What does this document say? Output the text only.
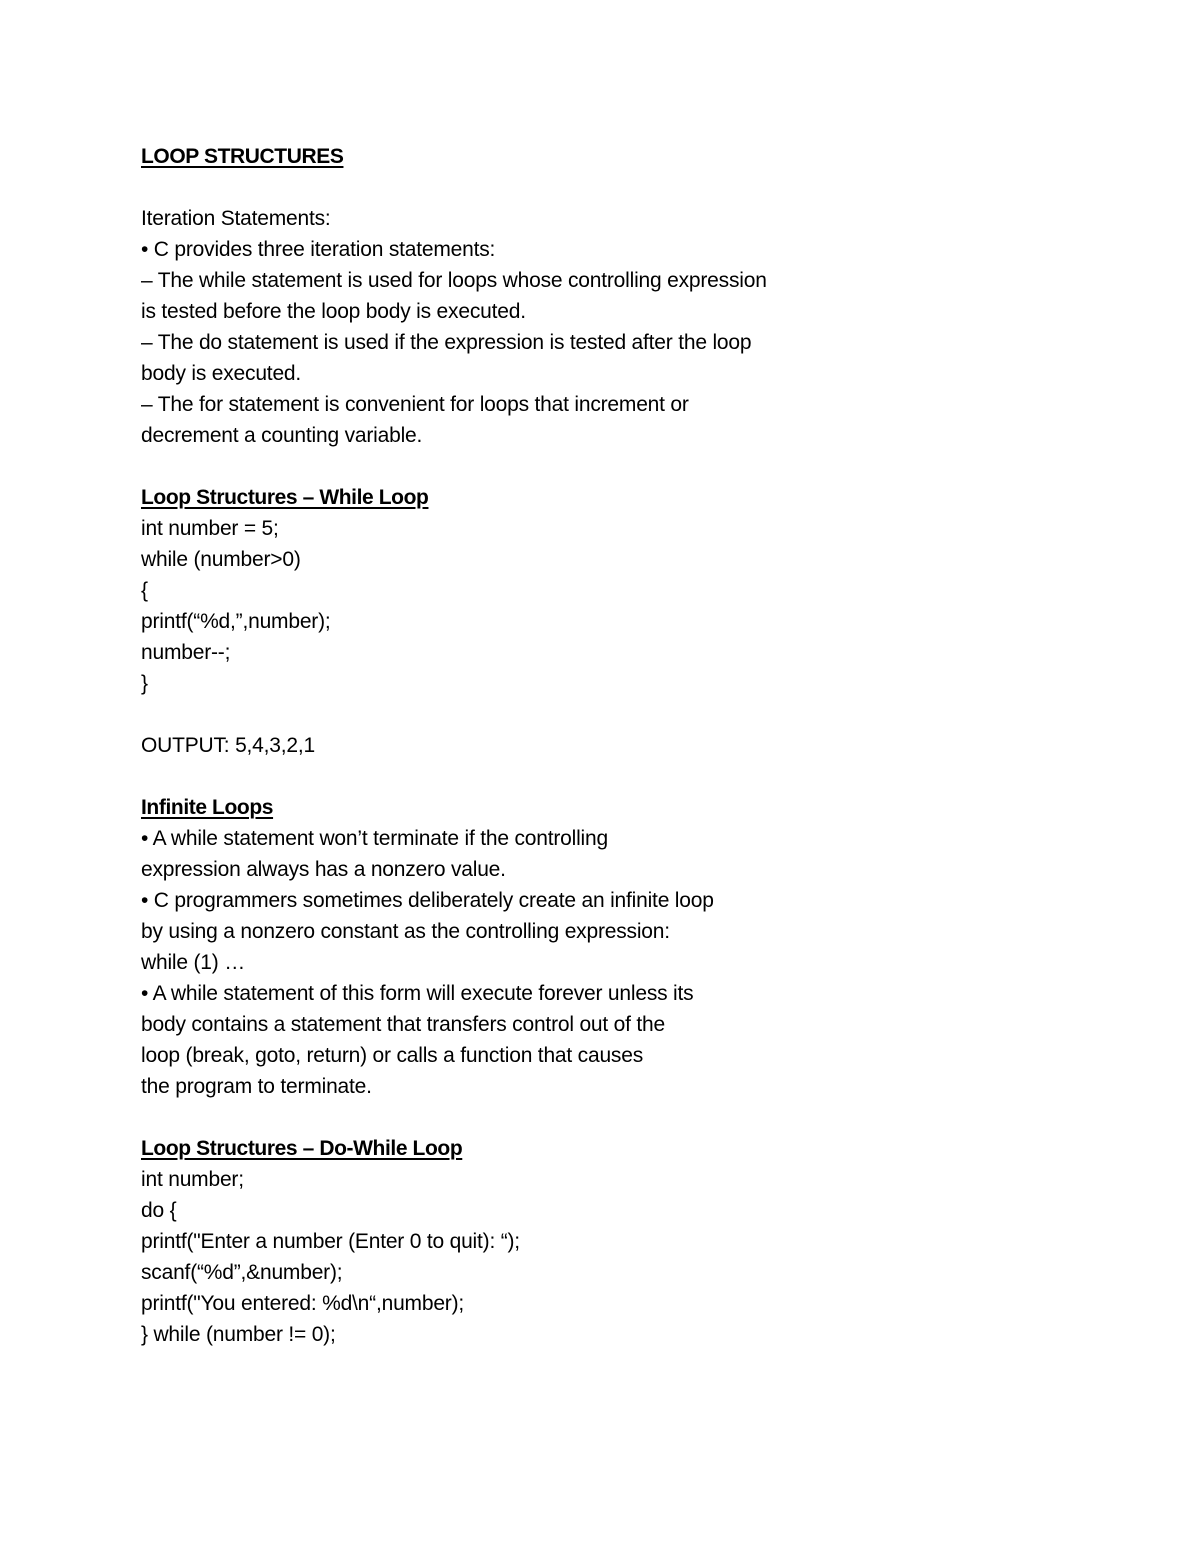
LOOP STRUCTURES
Iteration Statements:
• C provides three iteration statements:
– The while statement is used for loops whose controlling expression
is tested before the loop body is executed.
– The do statement is used if the expression is tested after the loop
body is executed.
– The for statement is convenient for loops that increment or
decrement a counting variable.
Loop Structures – While Loop
int number = 5;
while (number>0)
{
printf(“%d,”,number);
number--;
}
OUTPUT: 5,4,3,2,1
Infinite Loops
• A while statement won’t terminate if the controlling
expression always has a nonzero value.
• C programmers sometimes deliberately create an infinite loop
by using a nonzero constant as the controlling expression:
while (1) …
• A while statement of this form will execute forever unless its
body contains a statement that transfers control out of the
loop (break, goto, return) or calls a function that causes
the program to terminate.
Loop Structures – Do-While Loop
int number;
do {
printf("Enter a number (Enter 0 to quit): “);
scanf(“%d”,&number);
printf("You entered: %d\n“,number);
} while (number != 0);
